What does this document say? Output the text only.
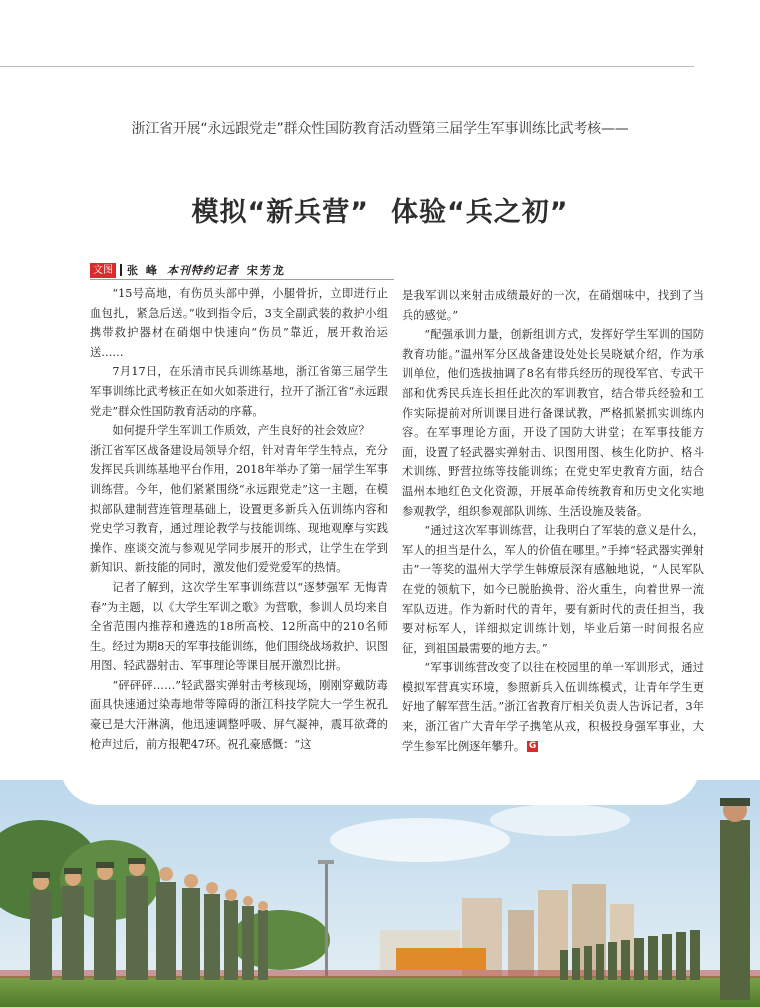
浙江省开展“永远跟党走”群众性国防教育活动暨第三届学生军事训练比武考核——
模拟“新兵营” 体验“兵之初”
文图 张 峰 本刊特约记者 宋芳龙

“15号高地，有伤员头部中弹，小腿骨折，立即进行止血包扎，紧急后送。”收到指令后，3支全副武装的救护小组携带救护器材在硝烟中快速向“伤员”靠近，展开救治运送……

7月17日，在乐清市民兵训练基地，浙江省第三届学生军事训练比武考核正在如火如荼进行，拉开了浙江省“永远跟党走”群众性国防教育活动的序幕。

如何提升学生军训工作质效，产生良好的社会效应？

浙江省军区战备建设局领导介绍，针对青年学生特点，充分发挥民兵训练基地平台作用，2018年举办了第一届学生军事训练营。今年，他们紧紧围绕“永远跟党走”这一主题，在模拟部队建制营连管理基础上，设置更多新兵入伍训练内容和党史学习教育，通过理论教学与技能训练、现地观摩与实践操作、座谈交流与参观见学同步展开的形式，让学生在学到新知识、新技能的同时，激发他们爱党爱军的热情。

记者了解到，这次学生军事训练营以“逐梦强军 无悔青春”为主题，以《大学生军训之歌》为营歌，参训人员均来自全省范围内推荐和遴选的18所高校、12所高中的210名师生。经过为期8天的军事技能训练，他们围绕战场救护、识图用图、轻武器射击、军事理论等课目展开激烈比拼。

“砰砰砰……”轻武器实弹射击考核现场，刚刚穿戴防毒面具快速通过染毒地带等障碍的浙江科技学院大一学生祝孔豪已是大汗淋漓，他迅速调整呼吸、屏气凝神，震耳欲聋的枪声过后，前方报靶47环。祝孔豪感慨：“这

是我军训以来射击成绩最好的一次，在硝烟味中，找到了当兵的感觉。”

“配强承训力量，创新组训方式，发挥好学生军训的国防教育功能。”温州军分区战备建设处处长吴晓斌介绍，作为承训单位，他们选拔抽调了8名有带兵经历的现役军官、专武干部和优秀民兵连长担任此次的军训教官，结合带兵经验和工作实际提前对所训课目进行备课试教，严格抓紧抓实训练内容。在军事理论方面，开设了国防大讲堂；在军事技能方面，设置了轻武器实弹射击、识图用图、核生化防护、格斗术训练、野营拉练等技能训练；在党史军史教育方面，结合温州本地红色文化资源，开展革命传统教育和历史文化实地参观教学，组织参观部队训练、生活设施及装备。

“通过这次军事训练营，让我明白了军装的意义是什么，军人的担当是什么，军人的价值在哪里。”手捧“轻武器实弹射击”一等奖的温州大学学生韩燎辰深有感触地说，“人民军队在党的领航下，如今已脱胎换骨、浴火重生，向着世界一流军队迈进。作为新时代的青年，要有新时代的责任担当，我要对标军人，详细拟定训练计划，毕业后第一时间报名应征，到祖国最需要的地方去。”

“军事训练营改变了以往在校园里的单一军训形式，通过模拟军营真实环境，参照新兵入伍训练模式，让青年学生更好地了解军营生活。”浙江省教育厅相关负责人告诉记者，3年来，浙江省广大青年学子携笔从戎，积极投身强军事业，大学生参军比例逐年攀升。 G
